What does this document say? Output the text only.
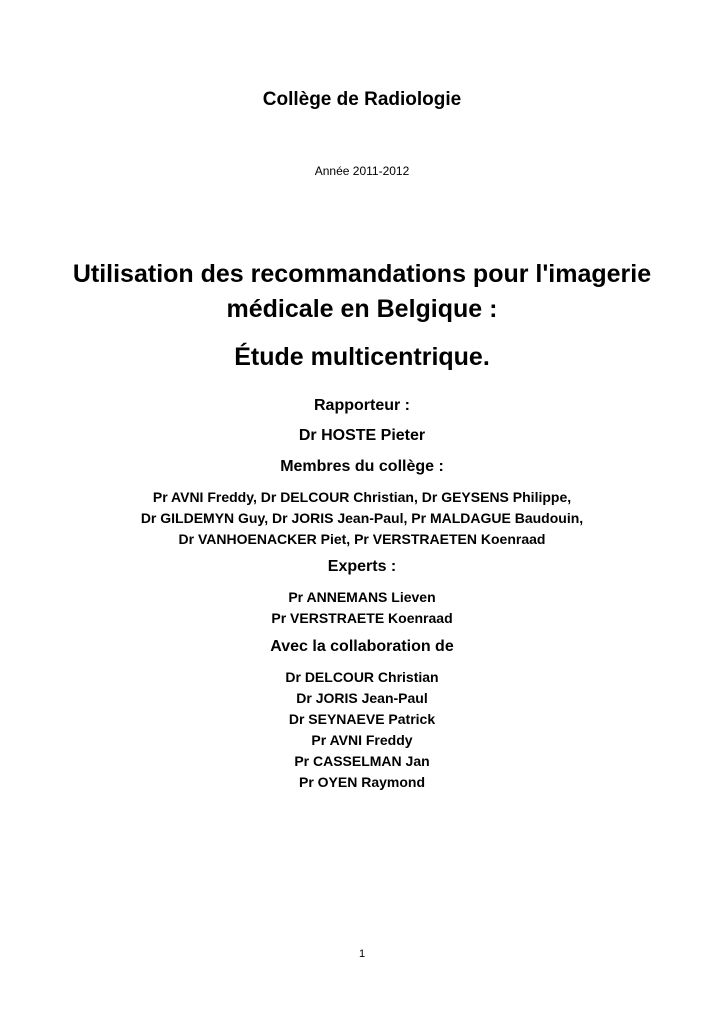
Collège de Radiologie
Année 2011-2012
Utilisation des recommandations pour l'imagerie
médicale en Belgique :
Étude multicentrique.
Rapporteur :
Dr HOSTE Pieter
Membres du collège :
Pr AVNI Freddy, Dr DELCOUR Christian, Dr GEYSENS Philippe,
Dr GILDEMYN Guy, Dr JORIS Jean-Paul, Pr MALDAGUE Baudouin,
Dr VANHOENACKER Piet, Pr VERSTRAETEN Koenraad
Experts :
Pr ANNEMANS Lieven
Pr VERSTRAETE Koenraad
Avec la collaboration de
Dr DELCOUR Christian
Dr JORIS Jean-Paul
Dr SEYNAEVE Patrick
Pr AVNI Freddy
Pr CASSELMAN Jan
Pr OYEN Raymond
1
